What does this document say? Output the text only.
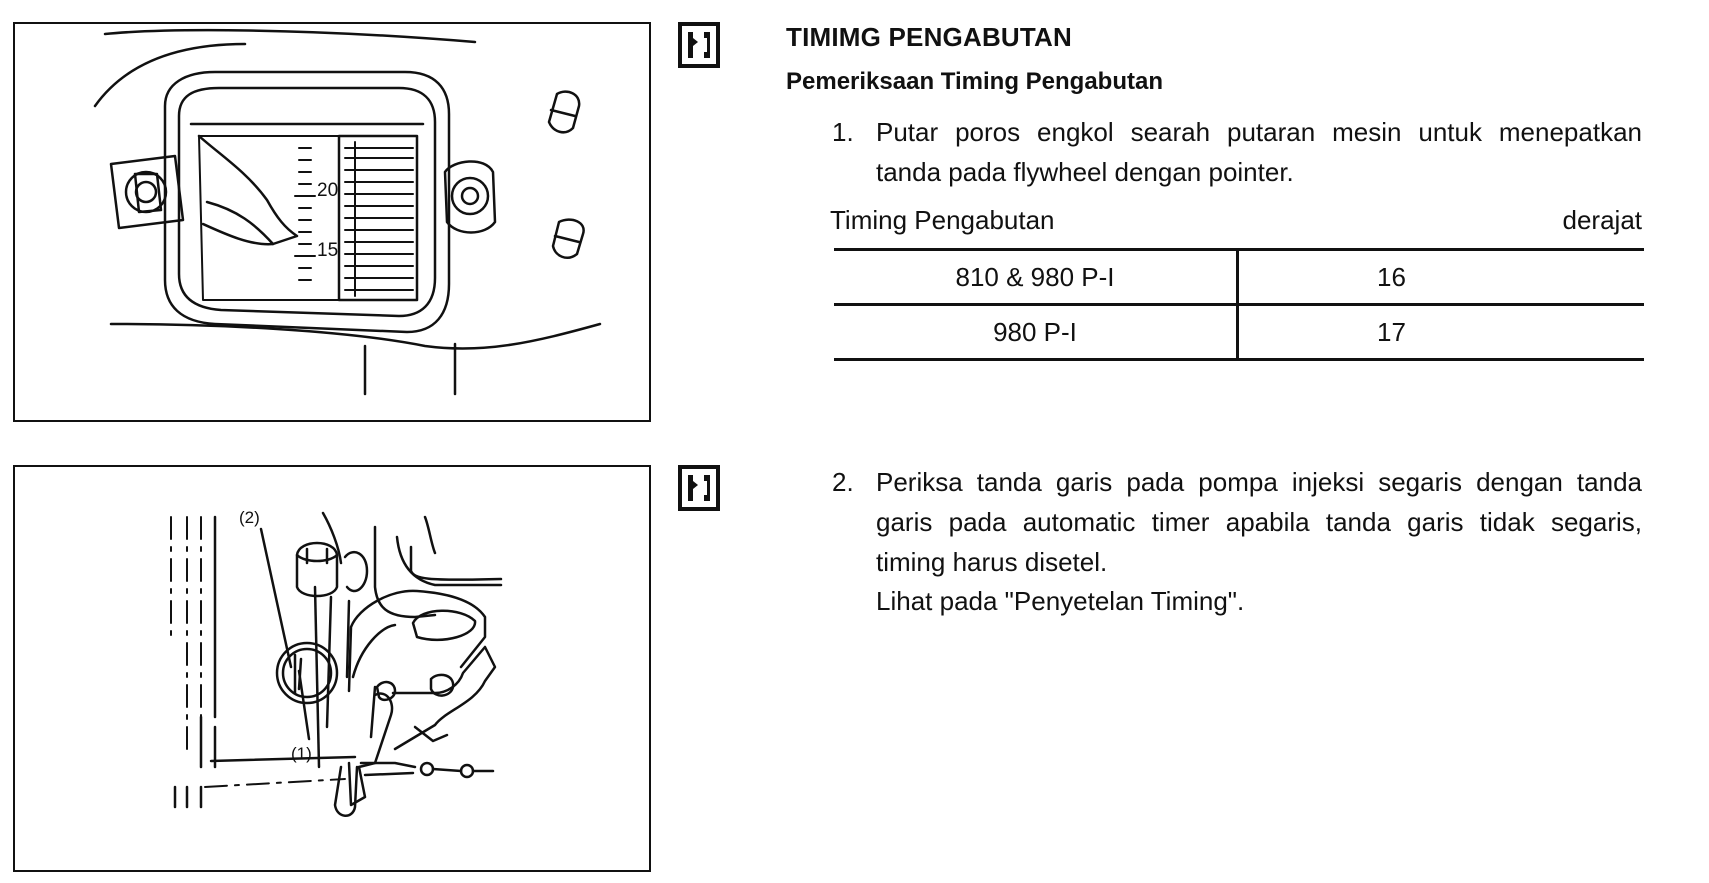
20
15
(2)
(1)
TIMIMG PENGABUTAN
Pemeriksaan Timing Pengabutan
1. Putar poros engkol searah putaran mesin untuk menepatkan tanda pada flywheel dengan pointer.
Timing Pengabutan	derajat
810 & 980 P-I	16
980 P-I	17
2. Periksa tanda garis pada pompa injeksi segaris dengan tanda garis pada automatic timer apabila tanda garis tidak segaris, timing harus disetel.
Lihat pada "Penyetelan Timing".
